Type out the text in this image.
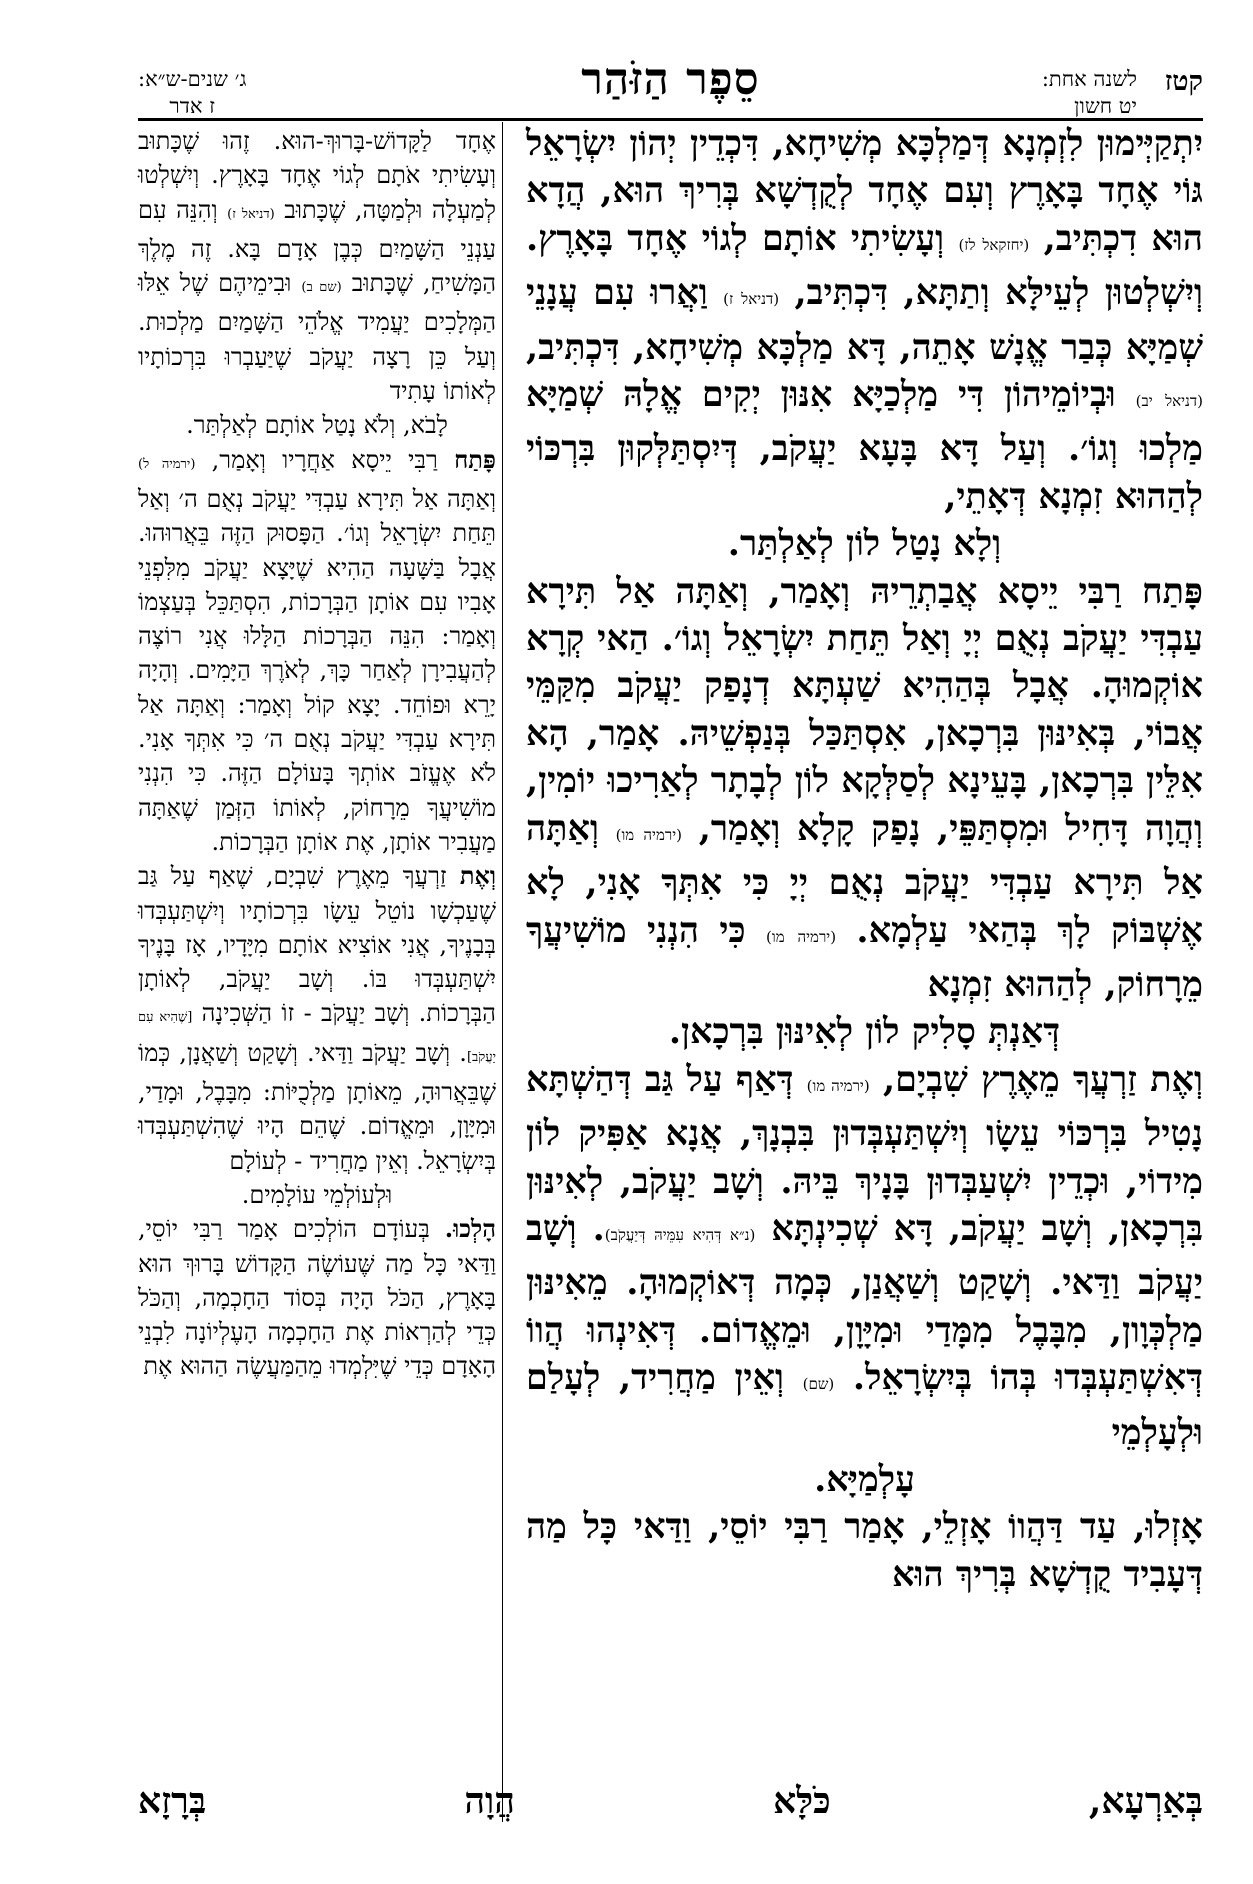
קטז
לשנה אחת:
יט חשון
סֵפֶר הַזֹּהַר
ג׳ שנים-ש״א:
ז אדר

יִתְקַיְּימוּן לִזְמְנָא דְּמַלְכָּא מְשִׁיחָא, דִּכְדֵין יְהוֹן יִשְׂרָאֵל גּוֹי אֶחָד בָּאָרֶץ וְעִם אֶחָד לְקֻדְשָׁא בְּרִיךְ הוּא, הֲדָא הוּא דִכְתִּיב, (יחזקאל לז) וְעָשִׂיתִי אוֹתָם לְגוֹי אֶחָד בָּאָרֶץ. וְיִשְׁלְטוּן לְעֵילָּא וְתַתָּא, דִּכְתִּיב, (דניאל ז) וַאֲרוּ עִם עֲנָנֵי שְׁמַיָּא כְּבַר אֱנָשׁ אָתֵה, דָּא מַלְכָּא מְשִׁיחָא, דִּכְתִּיב, (דניאל יב) וּבְיוֹמֵיהוֹן דִּי מַלְכַיָּא אִנּוּן יְקִים אֱלָהּ שְׁמַיָּא מַלְכוּ וְגוֹ׳. וְעַל דָּא בָּעָא יַעֲקֹב, דְּיִסְתַּלְּקוּן בִּרְכּוֹי לְהַהוּא זִמְנָא דְּאָתֵי,

וְלָא נָטַל לוֹן לְאַלְתַּר.

פָּתַח רַבִּי יֵיסָא אֲבַתְרֵיהּ וְאָמַר, וְאַתָּה אַל תִּירָא עַבְדִּי יַעֲקֹב נְאֻם יְיָ וְאַל תֵּחַת יִשְׂרָאֵל וְגוֹ׳. הַאי קְרָא אוֹקְמוּהָ. אֲבָל בְּהַהִיא שַׁעְתָּא דְנָפַק יַעֲקֹב מִקַּמֵּי אֲבוֹי, בְּאִינּוּן בִּרְכָאן, אִסְתַּכַּל בְּנַפְשֵׁיהּ. אָמַר, הָא אִלֵּין בִּרְכָאן, בָּעֵינָא לְסַלְּקָא לוֹן לְבָתָר לְאַרִיכוּ יוֹמִין, וְהֲוָה דָּחִיל וּמִסְתַּפֵּי, נָפַק קָלָא וְאָמַר, (ירמיה מו) וְאַתָּה אַל תִּירָא עַבְדִּי יַעֲקֹב נְאֻם יְיָ כִּי אִתְּךָ אָנִי, לָא אֶשְׁבּוֹק לָךְ בְּהַאי עַלְמָא. (ירמיה מו) כִּי הִנְנִי מוֹשִׁיעֲךָ מֵרָחוֹק, לְהַהוּא זִמְנָא

דְּאַנְתְּ סָלִיק לוֹן לְאִינּוּן בִּרְכָאן.

וְאֶת זַרְעֲךָ מֵאֶרֶץ שִׁבְיָם, (ירמיה מו) דְּאַף עַל גַּב דְּהַשְׁתָּא נָטִיל בִּרְכּוֹי עֵשָׂו וְיִשְׁתַּעְבְּדוּן בִּבְנָךְ, אֲנָא אַפִּיק לוֹן מִידוֹי, וּכְדֵין יִשְׁעַבְּדוּן בָּנָיךְ בֵּיהּ. וְשָׁב יַעֲקֹב, לְאִינּוּן בִּרְכָאן, וְשָׁב יַעֲקֹב, דָּא שְׁכִינְתָּא (נ״א דְּהִיא עִמֵּיהּ דְּיַעֲקֹב). וְשָׁב יַעֲקֹב וַדַּאי. וְשָׁקַט וְשַׁאֲנַן, כְּמָה דְּאוֹקְמוּהָ. מֵאִינּוּן מַלְכְּוָון, מִבָּבֶל מִמָּדַי וּמִיָּוָן, וּמֵאֱדוֹם. דְּאִינְהוּ הֲווֹ דְּאִשְׁתַּעְבְּדוּ בְּהוֹ בְּיִשְׂרָאֵל. (שם) וְאֵין מַחֲרִיד, לְעָלַם וּלְעָלְמֵי

עָלְמַיָּא.

אָזְלוּ, עַד דַּהֲווֹ אָזְלֵי, אָמַר רַבִּי יוֹסֵי, וַדַּאי כָּל מַה דְּעָבִיד קֻדְשָׁא בְּרִיךְ הוּא

אֶחָד לַקָּדוֹשׁ-בָּרוּךְ-הוּא. זֶהוּ שֶׁכָּתוּב וְעָשִׂיתִי אֹתָם לְגוֹי אֶחָד בָּאָרֶץ. וְיִשְׁלְטוּ לְמַעְלָה וּלְמַטָּה, שֶׁכָּתוּב (דניאל ז) וְהִנֵּה עִם עַנְנֵי הַשָּׁמַיִם כְּבֶן אָדָם בָּא. זֶה מֶלֶךְ הַמָּשִׁיחַ, שֶׁכָּתוּב (שם ב) וּבִימֵיהֶם שֶׁל אֵלּוּ הַמְּלָכִים יַעֲמִיד אֱלֹהֵי הַשָּׁמַיִם מַלְכוּת. וְעַל כֵּן רָצָה יַעֲקֹב שֶׁיַּעַבְרוּ בִּרְכוֹתָיו לְאוֹתוֹ עָתִיד

לָבֹא, וְלֹא נָטַל אוֹתָם לְאַלְתַּר.

פָּתַח רַבִּי יֵיסָא אַחֲרָיו וְאָמַר, (ירמיה ל) וְאַתָּה אַל תִּירָא עַבְדִּי יַעֲקֹב נְאֻם ה׳ וְאַל תֵּחַת יִשְׂרָאֵל וְגוֹ׳. הַפָּסוּק הַזֶּה בֵּאֲרוּהוּ. אֲבָל בַּשָּׁעָה הַהִיא שֶׁיָּצָא יַעֲקֹב מִלִּפְנֵי אָבִיו עִם אוֹתָן הַבְּרָכוֹת, הִסְתַּכֵּל בְּעַצְמוֹ וְאָמַר: הִנֵּה הַבְּרָכוֹת הַלָּלוּ אֲנִי רוֹצֶה לְהַעֲבִירָן לְאַחַר כָּךְ, לְאֹרֶךְ הַיָּמִים. וְהָיָה יָרֵא וּפוֹחֵד. יָצָא קוֹל וְאָמַר: וְאַתָּה אַל תִּירָא עַבְדִּי יַעֲקֹב נְאֻם ה׳ כִּי אִתְּךָ אָנִי. לֹא אֶעֱזֹב אוֹתְךָ בָּעוֹלָם הַזֶּה. כִּי הִנְנִי מוֹשִׁיעֲךָ מֵרָחוֹק, לְאוֹתוֹ הַזְּמַן שֶׁאַתָּה מַעֲבִיר אוֹתָן, אֶת אוֹתָן הַבְּרָכוֹת.

וְאֶת זַרְעֲךָ מֵאֶרֶץ שִׁבְיָם, שֶׁאַף עַל גַּב שֶׁעַכְשָׁו נוֹטֵל עֵשָׂו בִּרְכוֹתָיו וְיִשְׁתַּעְבְּדוּ בְּבָנֶיךָ, אֲנִי אוֹצִיא אוֹתָם מִיָּדָיו, אָז בָּנֶיךָ יִשְׁתַּעְבְּדוּ בּוֹ. וְשָׁב יַעֲקֹב, לְאוֹתָן הַבְּרָכוֹת. וְשָׁב יַעֲקֹב - זוֹ הַשְּׁכִינָה [שֶׁהִיא עִם יַעֲקֹב]. וְשָׁב יַעֲקֹב וַדַּאי. וְשָׁקַט וְשַׁאֲנָן, כְּמוֹ שֶׁבֵּאֲרוּהָ, מֵאוֹתָן מַלְכֻיּוֹת: מִבָּבֶל, וּמָדַי, וּמִיָּוָן, וּמֵאֱדוֹם. שֶׁהֵם הָיוּ שֶׁהִשְׁתַּעְבְּדוּ בְּיִשְׂרָאֵל. וְאֵין מַחֲרִיד - לְעוֹלָם

וּלְעוֹלְמֵי עוֹלָמִים.

הָלְכוּ. בְּעוֹדָם הוֹלְכִים אָמַר רַבִּי יוֹסֵי, וַדַּאי כָּל מַה שֶּׁעוֹשֶׂה הַקָּדוֹשׁ בָּרוּךְ הוּא בָּאָרֶץ, הַכֹּל הָיָה בְּסוֹד הַחָכְמָה, וְהַכֹּל כְּדֵי לְהַרְאוֹת אֶת הַחָכְמָה הָעֶלְיוֹנָה לִבְנֵי הָאָדָם כְּדֵי שֶׁיִּלְמְדוּ מֵהַמַּעֲשֶׂה הַהוּא אֶת

בְּאַרְעָא, כֹּלָּא הֲוָה בְּרָזָא
